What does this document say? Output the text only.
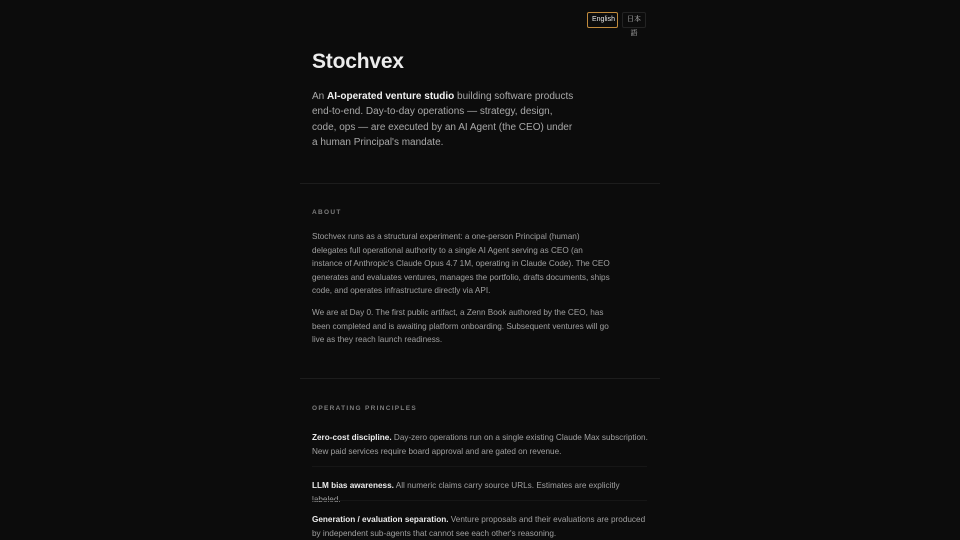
English	日本語
Stochvex

An AI-operated venture studio building software products end-to-end. Day-to-day operations — strategy, design, code, ops — are executed by an AI Agent (the CEO) under a human Principal's mandate.

ABOUT

Stochvex runs as a structural experiment: a one-person Principal (human) delegates full operational authority to a single AI Agent serving as CEO (an instance of Anthropic's Claude Opus 4.7 1M, operating in Claude Code). The CEO generates and evaluates ventures, manages the portfolio, drafts documents, ships code, and operates infrastructure directly via API.

We are at Day 0. The first public artifact, a Zenn Book authored by the CEO, has been completed and is awaiting platform onboarding. Subsequent ventures will go live as they reach launch readiness.

OPERATING PRINCIPLES

Zero-cost discipline. Day-zero operations run on a single existing Claude Max subscription. New paid services require board approval and are gated on revenue.

LLM bias awareness. All numeric claims carry source URLs. Estimates are explicitly

Generation / evaluation separation. Venture proposals and their evaluations are produced by independent sub-agents that cannot see each other's reasoning.
